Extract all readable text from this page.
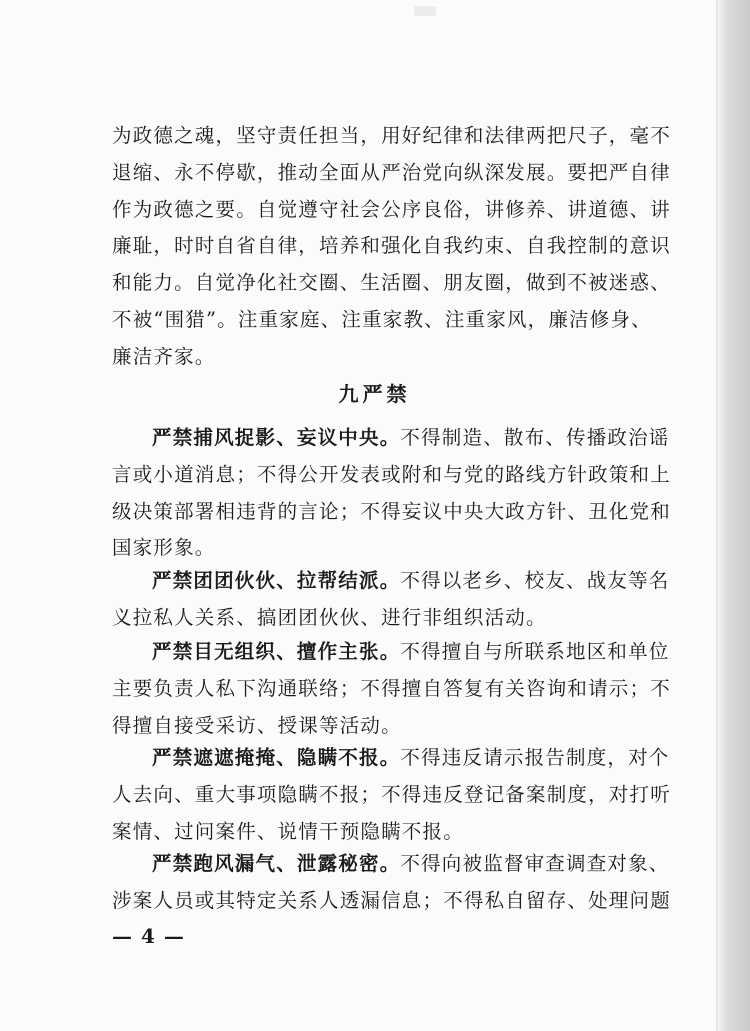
为政德之魂，坚守责任担当，用好纪律和法律两把尺子，毫不
退缩、永不停歇，推动全面从严治党向纵深发展。要把严自律
作为政德之要。自觉遵守社会公序良俗，讲修养、讲道德、讲
廉耻，时时自省自律，培养和强化自我约束、自我控制的意识
和能力。自觉净化社交圈、生活圈、朋友圈，做到不被迷惑、
不被“围猎”。注重家庭、注重家教、注重家风，廉洁修身、
廉洁齐家。
九严禁
严禁捕风捉影、妄议中央。不得制造、散布、传播政治谣
言或小道消息；不得公开发表或附和与党的路线方针政策和上
级决策部署相违背的言论；不得妄议中央大政方针、丑化党和
国家形象。
严禁团团伙伙、拉帮结派。不得以老乡、校友、战友等名
义拉私人关系、搞团团伙伙、进行非组织活动。
严禁目无组织、擅作主张。不得擅自与所联系地区和单位
主要负责人私下沟通联络；不得擅自答复有关咨询和请示；不
得擅自接受采访、授课等活动。
严禁遮遮掩掩、隐瞒不报。不得违反请示报告制度，对个
人去向、重大事项隐瞒不报；不得违反登记备案制度，对打听
案情、过问案件、说情干预隐瞒不报。
严禁跑风漏气、泄露秘密。不得向被监督审查调查对象、
涉案人员或其特定关系人透漏信息；不得私自留存、处理问题
— 4 —
